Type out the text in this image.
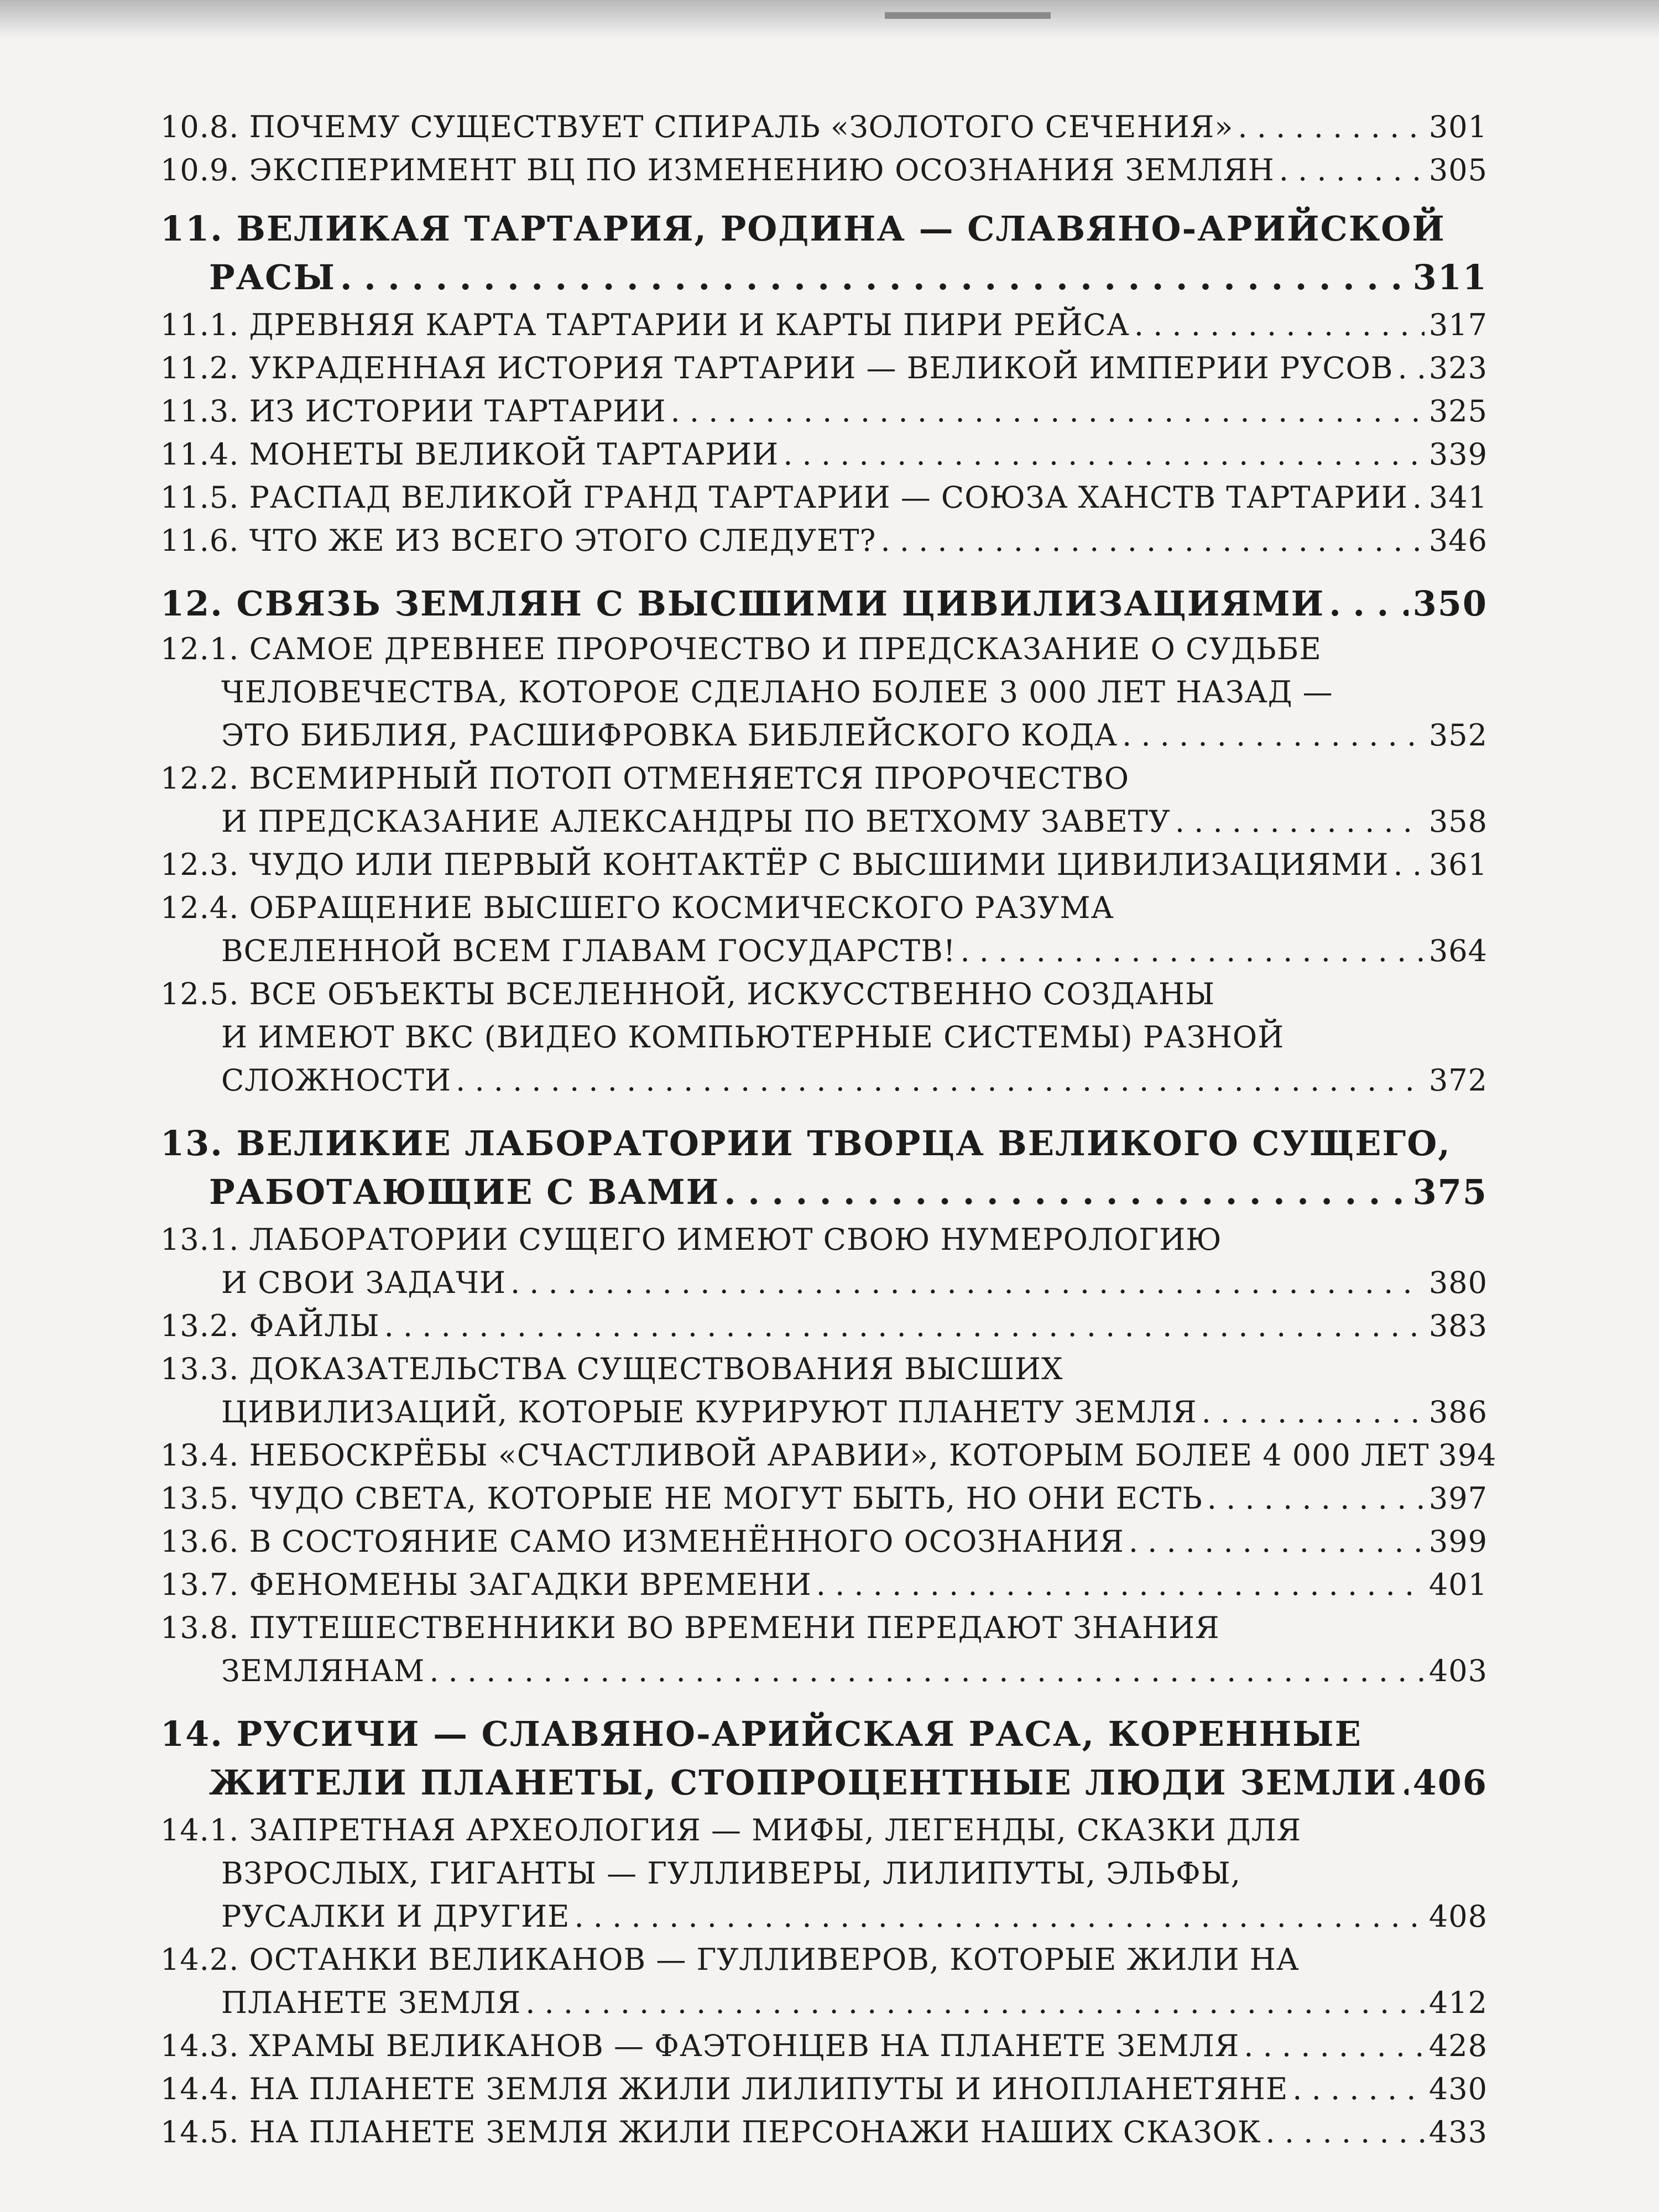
10.8. ПОЧЕМУ СУЩЕСТВУЕТ СПИРАЛЬ «ЗОЛОТОГО СЕЧЕНИЯ» . . .	301
10.9. ЭКСПЕРИМЕНТ ВЦ ПО ИЗМЕНЕНИЮ ОСОЗНАНИЯ ЗЕМЛЯН . . .	305
11. ВЕЛИКАЯ ТАРТАРИЯ, РОДИНА — СЛАВЯНО-АРИЙСКОЙ
РАСЫ . . .	311
11.1. ДРЕВНЯЯ КАРТА ТАРТАРИИ И КАРТЫ ПИРИ РЕЙСА . . .	317
11.2. УКРАДЕННАЯ ИСТОРИЯ ТАРТАРИИ — ВЕЛИКОЙ ИМПЕРИИ РУСОВ . . . 323
11.3. ИЗ ИСТОРИИ ТАРТАРИИ . . .	325
11.4. МОНЕТЫ ВЕЛИКОЙ ТАРТАРИИ . . .	339
11.5. РАСПАД ВЕЛИКОЙ ГРАНД ТАРТАРИИ — СОЮЗА ХАНСТВ ТАРТАРИИ . . . 341
11.6. ЧТО ЖЕ ИЗ ВСЕГО ЭТОГО СЛЕДУЕТ? . . .	346
12. СВЯЗЬ ЗЕМЛЯН С ВЫСШИМИ ЦИВИЛИЗАЦИЯМИ . . .	350
12.1. САМОЕ ДРЕВНЕЕ ПРОРОЧЕСТВО И ПРЕДСКАЗАНИЕ О СУДЬБЕ
ЧЕЛОВЕЧЕСТВА, КОТОРОЕ СДЕЛАНО БОЛЕЕ 3 000 ЛЕТ НАЗАД —
ЭТО БИБЛИЯ, РАСШИФРОВКА БИБЛЕЙСКОГО КОДА . . .	352
12.2. ВСЕМИРНЫЙ ПОТОП ОТМЕНЯЕТСЯ ПРОРОЧЕСТВО
И ПРЕДСКАЗАНИЕ АЛЕКСАНДРЫ ПО ВЕТХОМУ ЗАВЕТУ . . .	358
12.3. ЧУДО ИЛИ ПЕРВЫЙ КОНТАКТЁР С ВЫСШИМИ ЦИВИЛИЗАЦИЯМИ . . . 361
12.4. ОБРАЩЕНИЕ ВЫСШЕГО КОСМИЧЕСКОГО РАЗУМА
ВСЕЛЕННОЙ ВСЕМ ГЛАВАМ ГОСУДАРСТВ! . . .	364
12.5. ВСЕ ОБЪЕКТЫ ВСЕЛЕННОЙ, ИСКУССТВЕННО СОЗДАНЫ
И ИМЕЮТ ВКС (ВИДЕО КОМПЬЮТЕРНЫЕ СИСТЕМЫ) РАЗНОЙ
СЛОЖНОСТИ . . .	372
13. ВЕЛИКИЕ ЛАБОРАТОРИИ ТВОРЦА ВЕЛИКОГО СУЩЕГО,
РАБОТАЮЩИЕ С ВАМИ . . .	375
13.1. ЛАБОРАТОРИИ СУЩЕГО ИМЕЮТ СВОЮ НУМЕРОЛОГИЮ
И СВОИ ЗАДАЧИ . . .	380
13.2. ФАЙЛЫ . . .	383
13.3. ДОКАЗАТЕЛЬСТВА СУЩЕСТВОВАНИЯ ВЫСШИХ
ЦИВИЛИЗАЦИЙ, КОТОРЫЕ КУРИРУЮТ ПЛАНЕТУ ЗЕМЛЯ . . .	386
13.4. НЕБОСКРЁБЫ «СЧАСТЛИВОЙ АРАВИИ», КОТОРЫМ БОЛЕЕ 4 000 ЛЕТ 394
13.5. ЧУДО СВЕТА, КОТОРЫЕ НЕ МОГУТ БЫТЬ, НО ОНИ ЕСТЬ . . .	397
13.6. В СОСТОЯНИЕ САМО ИЗМЕНЁННОГО ОСОЗНАНИЯ . . .	399
13.7. ФЕНОМЕНЫ ЗАГАДКИ ВРЕМЕНИ . . .	401
13.8. ПУТЕШЕСТВЕННИКИ ВО ВРЕМЕНИ ПЕРЕДАЮТ ЗНАНИЯ
ЗЕМЛЯНАМ . . .	403
14. РУСИЧИ — СЛАВЯНО-АРИЙСКАЯ РАСА, КОРЕННЫЕ
ЖИТЕЛИ ПЛАНЕТЫ, СТОПРОЦЕНТНЫЕ ЛЮДИ ЗЕМЛИ . . . 406
14.1. ЗАПРЕТНАЯ АРХЕОЛОГИЯ — МИФЫ, ЛЕГЕНДЫ, СКАЗКИ ДЛЯ
ВЗРОСЛЫХ, ГИГАНТЫ — ГУЛЛИВЕРЫ, ЛИЛИПУТЫ, ЭЛЬФЫ,
РУСАЛКИ И ДРУГИЕ . . .	408
14.2. ОСТАНКИ ВЕЛИКАНОВ — ГУЛЛИВЕРОВ, КОТОРЫЕ ЖИЛИ НА
ПЛАНЕТЕ ЗЕМЛЯ . . .	412
14.3. ХРАМЫ ВЕЛИКАНОВ — ФАЭТОНЦЕВ НА ПЛАНЕТЕ ЗЕМЛЯ . . .	428
14.4. НА ПЛАНЕТЕ ЗЕМЛЯ ЖИЛИ ЛИЛИПУТЫ И ИНОПЛАНЕТЯНЕ . . .	430
14.5. НА ПЛАНЕТЕ ЗЕМЛЯ ЖИЛИ ПЕРСОНАЖИ НАШИХ СКАЗОК . . .	433
